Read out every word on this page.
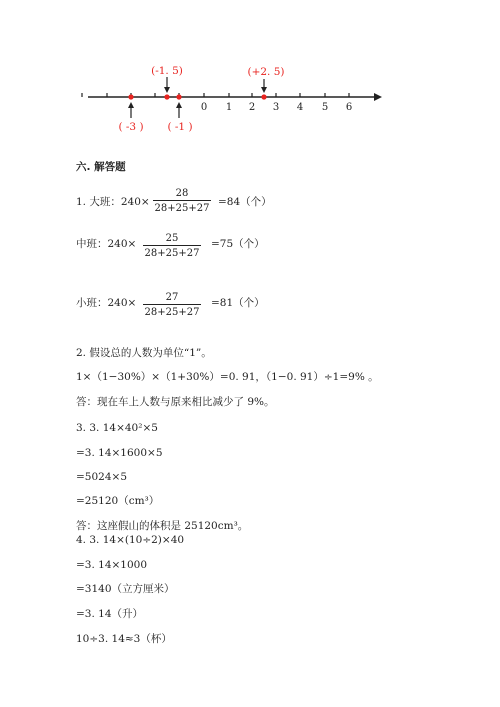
0 1 2 3 4 5 6
(-1. 5)	(+2. 5)
( -3 ) ( -1 )
六. 解答题
1. 大班：240×
28
28+25+27
=84（个）
中班：240×	25
28+25+27
=75（个）
小班：240×	27
28+25+27
=81（个）
2. 假设总的人数为单位“1”。
1×（1−30%）×（1+30%）=0. 91，（1−0. 91）÷1=9% 。
答：现在车上人数与原来相比减少了 9%。
3. 3. 14×40²×5
=3. 14×1600×5
=5024×5
=25120（cm³）
答：这座假山的体积是 25120cm³。
4. 3. 14×(10÷2)×40
=3. 14×1000
=3140（立方厘米）
=3. 14（升）
10÷3. 14≈3（杯）
